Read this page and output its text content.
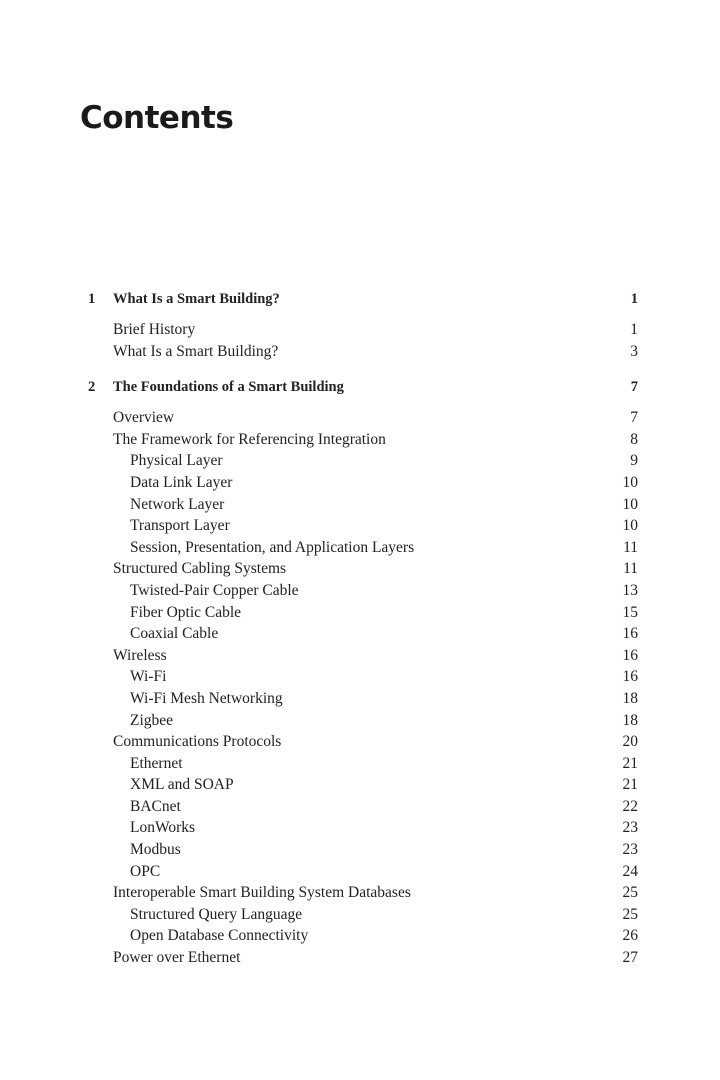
Contents
1	What Is a Smart Building?	1
Brief History	1
What Is a Smart Building?	3
2	The Foundations of a Smart Building	7
Overview	7
The Framework for Referencing Integration	8
Physical Layer	9
Data Link Layer	10
Network Layer	10
Transport Layer	10
Session, Presentation, and Application Layers	11
Structured Cabling Systems	11
Twisted-Pair Copper Cable	13
Fiber Optic Cable	15
Coaxial Cable	16
Wireless	16
Wi-Fi	16
Wi-Fi Mesh Networking	18
Zigbee	18
Communications Protocols	20
Ethernet	21
XML and SOAP	21
BACnet	22
LonWorks	23
Modbus	23
OPC	24
Interoperable Smart Building System Databases	25
Structured Query Language	25
Open Database Connectivity	26
Power over Ethernet	27
